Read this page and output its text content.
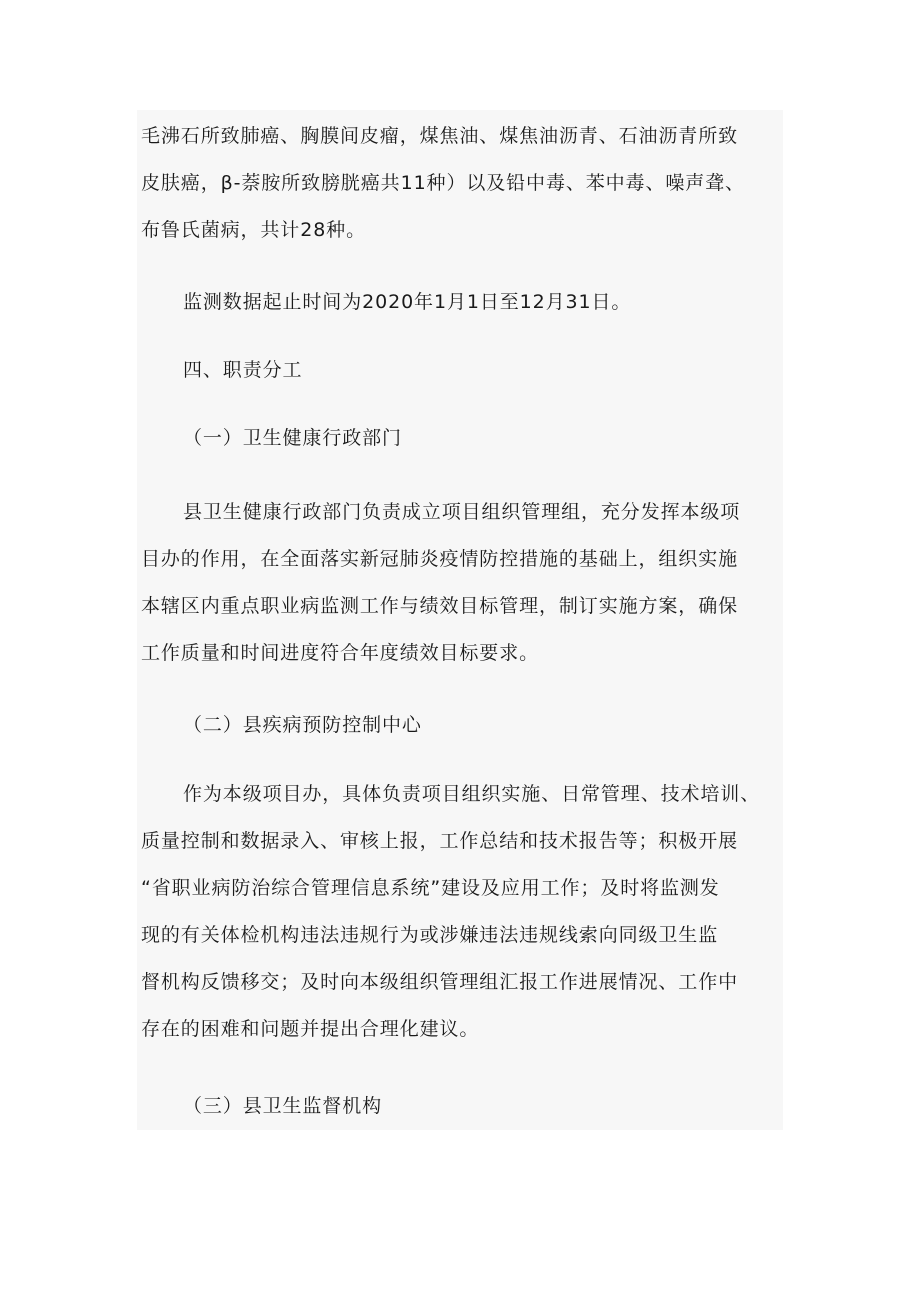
毛沸石所致肺癌、胸膜间皮瘤，煤焦油、煤焦油沥青、石油沥青所致
皮肤癌，β-萘胺所致膀胱癌共11种）以及铅中毒、苯中毒、噪声聋、
布鲁氏菌病，共计28种。

监测数据起止时间为2020年1月1日至12月31日。

四、职责分工

（一）卫生健康行政部门

县卫生健康行政部门负责成立项目组织管理组，充分发挥本级项
目办的作用，在全面落实新冠肺炎疫情防控措施的基础上，组织实施
本辖区内重点职业病监测工作与绩效目标管理，制订实施方案，确保
工作质量和时间进度符合年度绩效目标要求。

（二）县疾病预防控制中心

作为本级项目办，具体负责项目组织实施、日常管理、技术培训、
质量控制和数据录入、审核上报，工作总结和技术报告等；积极开展
“省职业病防治综合管理信息系统”建设及应用工作；及时将监测发
现的有关体检机构违法违规行为或涉嫌违法违规线索向同级卫生监
督机构反馈移交；及时向本级组织管理组汇报工作进展情况、工作中
存在的困难和问题并提出合理化建议。

（三）县卫生监督机构
